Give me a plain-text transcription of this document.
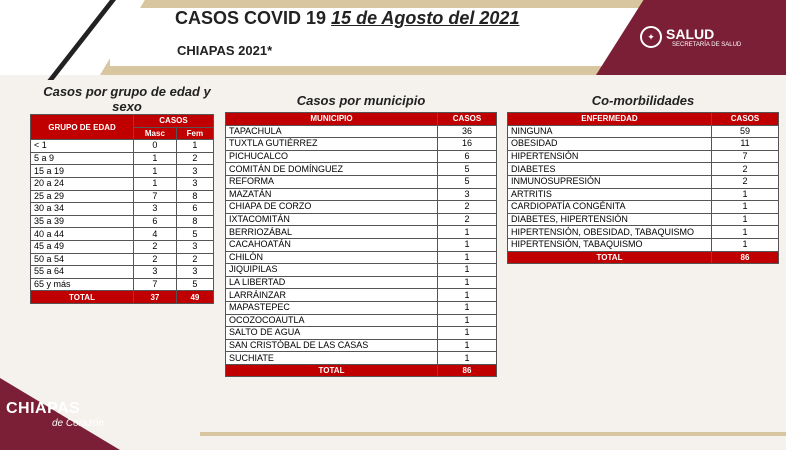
CASOS COVID 19 15 de Agosto del 2021
CHIAPAS 2021*
✦ SALUD
SECRETARÍA DE SALUD
Casos por grupo de edad y sexo
GRUPO DE EDAD	CASOS	
	Masc	Fem
< 1	0	1
5 a 9	1	2
15 a 19	1	3
20 a 24	1	3
25 a 29	7	8
30 a 34	3	6
35 a 39	6	8
40 a 44	4	5
45 a 49	2	3
50 a 54	2	2
55 a 64	3	3
65 y más	7	5
TOTAL	37	49
Casos por municipio
MUNICIPIO	CASOS
TAPACHULA	36
TUXTLA GUTIÉRREZ	16
PICHUCALCO	6
COMITÁN DE DOMÍNGUEZ	5
REFORMA	5
MAZATÁN	3
CHIAPA DE CORZO	2
IXTACOMITÁN	2
BERRIOZÁBAL	1
CACAHOATÁN	1
CHILÓN	1
JIQUIPILAS	1
LA LIBERTAD	1
LARRÁINZAR	1
MAPASTEPEC	1
OCOZOCOAUTLA	1
SALTO DE AGUA	1
SAN CRISTÓBAL DE LAS CASAS	1
SUCHIATE	1
TOTAL	86
Co-morbilidades
ENFERMEDAD	CASOS
NINGUNA	59
OBESIDAD	11
HIPERTENSIÓN	7
DIABETES	2
INMUNOSUPRESIÓN	2
ARTRITIS	1
CARDIOPATÍA CONGÉNITA	1
DIABETES, HIPERTENSIÓN	1
HIPERTENSIÓN, OBESIDAD, TABAQUISMO	1
HIPERTENSIÓN, TABAQUISMO	1
TOTAL	86
CHIAPAS
de Corazón
